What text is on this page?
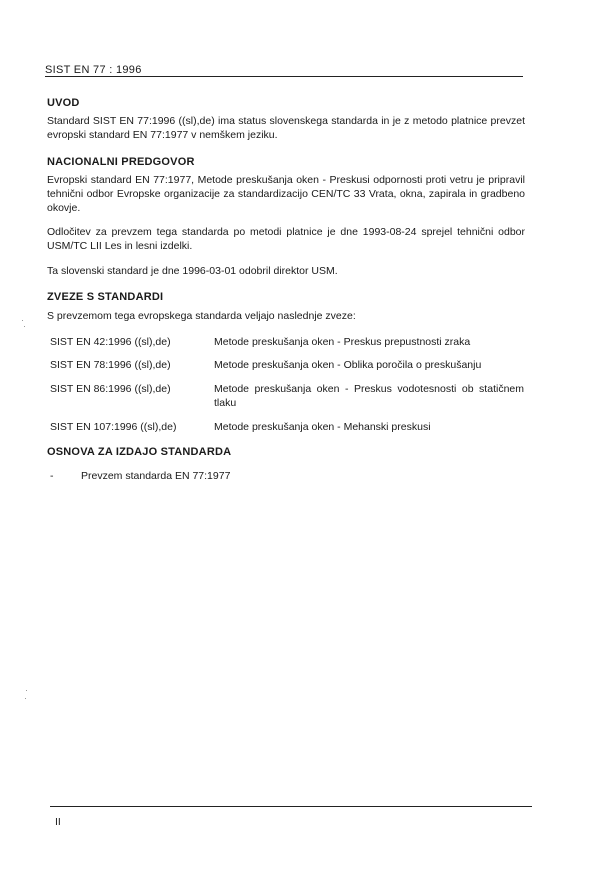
SIST EN 77 : 1996
UVOD
Standard SIST EN 77:1996 ((sl),de) ima status slovenskega standarda in je z metodo platnice prevzet evropski standard EN 77:1977 v nemškem jeziku.
NACIONALNI PREDGOVOR
Evropski standard EN 77:1977, Metode preskušanja oken - Preskusi odpornosti proti vetru je pripravil tehnični odbor Evropske organizacije za standardizacijo CEN/TC 33 Vrata, okna, zapirala in gradbeno okovje.
Odločitev za prevzem tega standarda po metodi platnice je dne 1993-08-24 sprejel tehnični odbor USM/TC LII Les in lesni izdelki.
Ta slovenski standard je dne 1996-03-01 odobril direktor USM.
ZVEZE S STANDARDI
S prevzemom tega evropskega standarda veljajo naslednje zveze:
SIST EN 42:1996 ((sl),de)	Metode preskušanja oken - Preskus prepustnosti zraka
SIST EN 78:1996 ((sl),de)	Metode preskušanja oken - Oblika poročila o preskušanju
SIST EN 86:1996 ((sl),de)	Metode preskušanja oken - Preskus vodotesnosti ob statičnem tlaku
SIST EN 107:1996 ((sl),de)	Metode preskušanja oken - Mehanski preskusi
OSNOVA ZA IZDAJO STANDARDA
-	Prevzem standarda EN 77:1977
II
